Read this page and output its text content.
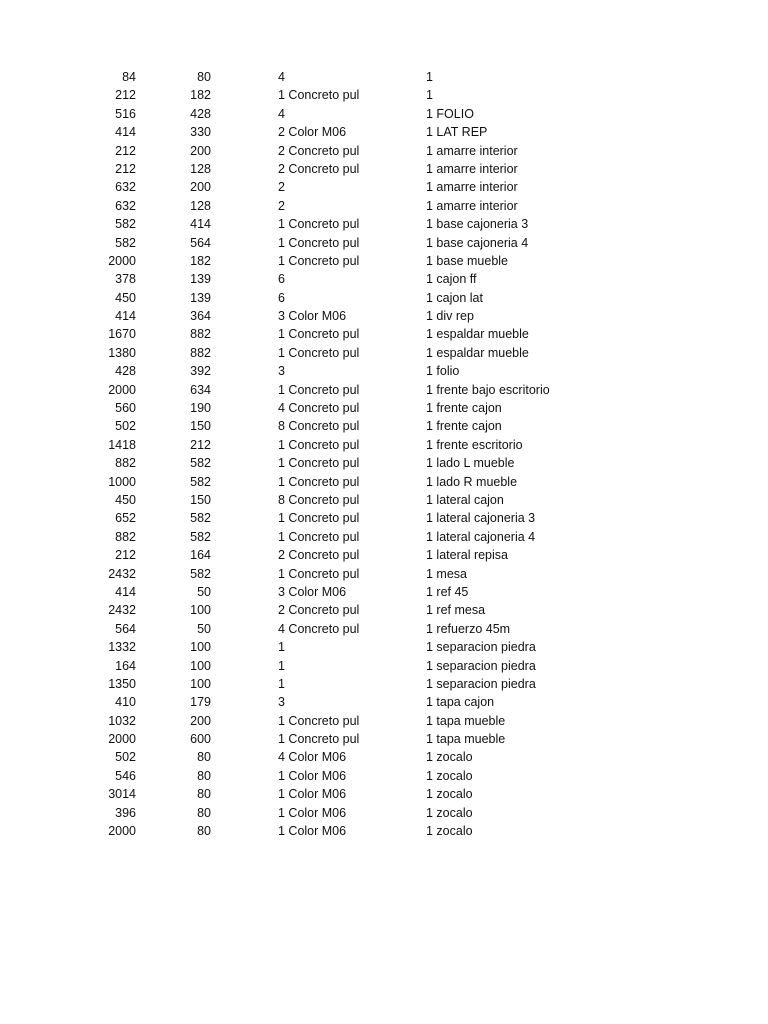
84	80	4	1
212	182	1 Concreto pul	1
516	428	4	1 FOLIO
414	330	2 Color M06	1 LAT REP
212	200	2 Concreto pul	1 amarre interior
212	128	2 Concreto pul	1 amarre interior
632	200	2	1 amarre interior
632	128	2	1 amarre interior
582	414	1 Concreto pul	1 base cajoneria 3
582	564	1 Concreto pul	1 base cajoneria 4
2000	182	1 Concreto pul	1 base mueble
378	139	6	1 cajon ff
450	139	6	1 cajon lat
414	364	3 Color M06	1 div rep
1670	882	1 Concreto pul	1 espaldar mueble
1380	882	1 Concreto pul	1 espaldar mueble
428	392	3	1 folio
2000	634	1 Concreto pul	1 frente bajo escritorio
560	190	4 Concreto pul	1 frente cajon
502	150	8 Concreto pul	1 frente cajon
1418	212	1 Concreto pul	1 frente escritorio
882	582	1 Concreto pul	1 lado L mueble
1000	582	1 Concreto pul	1 lado R mueble
450	150	8 Concreto pul	1 lateral cajon
652	582	1 Concreto pul	1 lateral cajoneria 3
882	582	1 Concreto pul	1 lateral cajoneria 4
212	164	2 Concreto pul	1 lateral repisa
2432	582	1 Concreto pul	1 mesa
414	50	3 Color M06	1 ref 45
2432	100	2 Concreto pul	1 ref mesa
564	50	4 Concreto pul	1 refuerzo 45m
1332	100	1	1 separacion piedra
164	100	1	1 separacion piedra
1350	100	1	1 separacion piedra
410	179	3	1 tapa cajon
1032	200	1 Concreto pul	1 tapa mueble
2000	600	1 Concreto pul	1 tapa mueble
502	80	4 Color M06	1 zocalo
546	80	1 Color M06	1 zocalo
3014	80	1 Color M06	1 zocalo
396	80	1 Color M06	1 zocalo
2000	80	1 Color M06	1 zocalo
